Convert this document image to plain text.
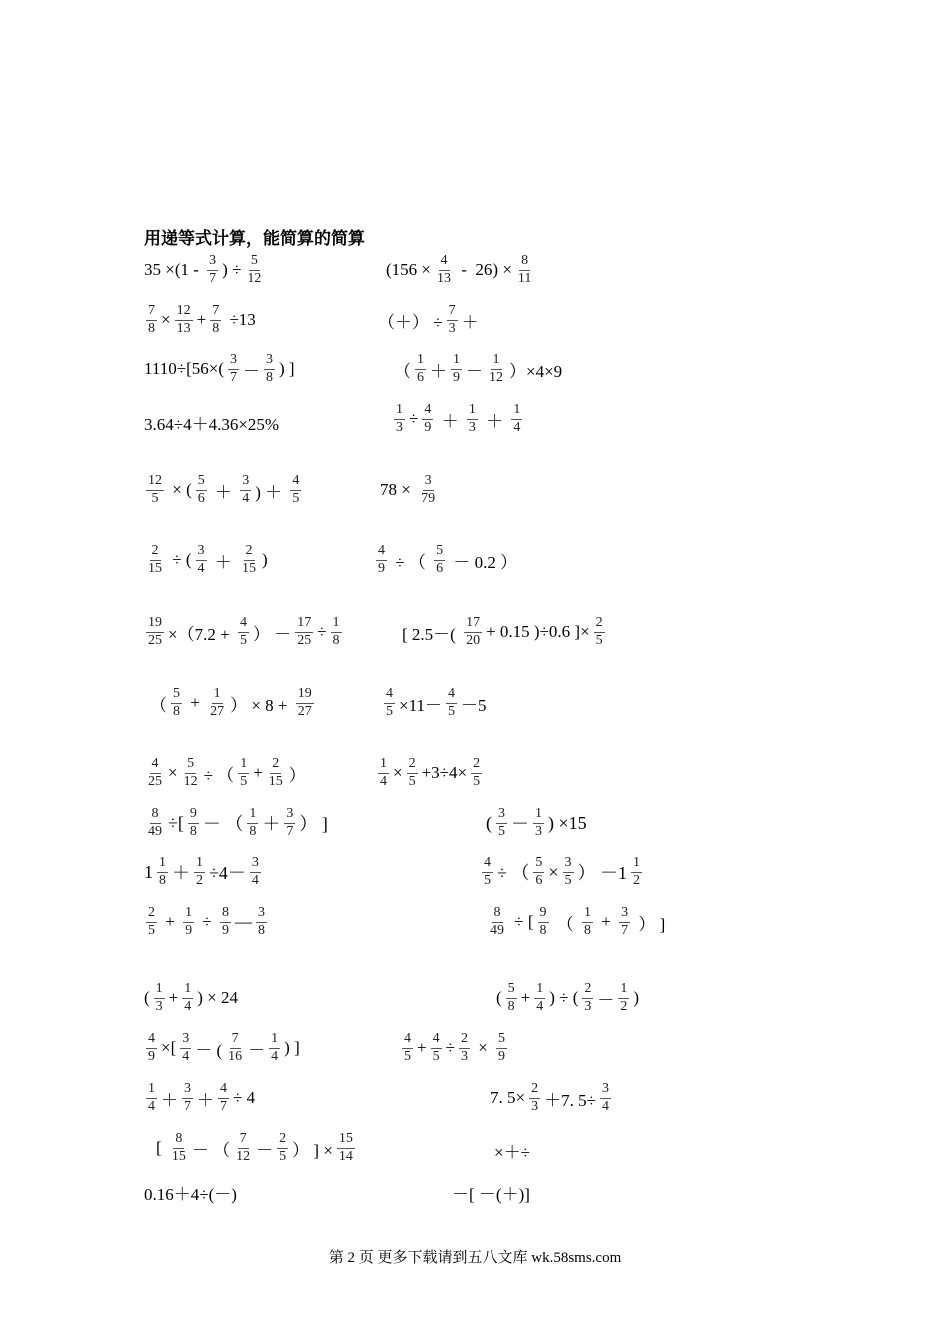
用递等式计算，能简算的简算
$35 \times(1 - \frac{3}{7}$ ) ÷ $\frac{5}{12}$	$(156 \times \frac{4}{13} - 26) \times \frac{8}{11}$
$\frac{7}{8} \times \frac{12}{13} + \frac{7}{8} \div 13$	（＋） ÷ $\frac{7}{3}$ ＋
$1110\div[56\times( \frac{3}{7} - \frac{3}{8}$ ) ]	（ $\frac{1}{6} + \frac{1}{9} - \frac{1}{12} )\times 4\times 9$
3.64÷4＋4.36×25%	$\frac{1}{3} \div \frac{4}{9} + \frac{1}{3} + \frac{1}{4}$
$\frac{12}{5}$ × ( $\frac{5}{6} + \frac{3}{4}$ ) ＋ $\frac{4}{5}$	$78 \times \frac{3}{79}$
$\frac{2}{15}$ ÷ ( $\frac{3}{4} + \frac{2}{15}$ )	$\frac{4}{9}$ ÷ （ $\frac{5}{6} - 0.2$ ）
$\frac{19}{25} \times(7.2 + \frac{4}{5}$ ） － $\frac{17}{25} \div \frac{1}{8}$	[ $2.5-( \frac{17}{20} + 0.15$ )÷0.6 ]× $\frac{2}{5}$
（ $\frac{5}{8} + \frac{1}{27}$ ） × $8 + \frac{19}{27}$	$\frac{4}{5} \times 11- \frac{4}{5} -5$
$\frac{4}{25} \times \frac{5}{12}$ ÷ （ $\frac{1}{5} + \frac{2}{15}$ ）	$\frac{1}{4} \times \frac{2}{5} +3\div 4\times \frac{2}{5}$
$\frac{8}{49}$ ÷[ $\frac{9}{8}$ － （ $\frac{1}{8} + \frac{3}{7}$ ） ]	( $\frac{3}{5} - \frac{1}{3}$ ) ×15
$1 \frac{1}{8} + \frac{1}{2} \div 4- \frac{3}{4}$	$\frac{4}{5}$ ÷ （ $\frac{5}{6} \times \frac{3}{5}$ ） $-1 \frac{1}{2}$
$\frac{2}{5} + \frac{1}{9} \div \frac{8}{9}$ — $\frac{3}{8}$	$\frac{8}{49}$ ÷ [ $\frac{9}{8}$ （ $\frac{1}{8} + \frac{3}{7}$ ） ]
( $\frac{1}{3} + \frac{1}{4}$ ) × 24	( $\frac{5}{8} + \frac{1}{4}$ ) ÷ ( $\frac{2}{3} - \frac{1}{2}$ )
$\frac{4}{9}$ ×[ $\frac{3}{4}$ － ( $\frac{7}{16} - \frac{1}{4}$ ) ]	$\frac{4}{5} + \frac{4}{5} \div \frac{2}{3} \times \frac{5}{9}$
$\frac{1}{4} + \frac{3}{7} + \frac{4}{7} \div 4$	7. $5\times \frac{2}{3} +7$. $5\div \frac{3}{4}$
[ $\frac{8}{15}$ － （ $\frac{7}{12} - \frac{2}{5}$ ） ] × $\frac{15}{14}$	×＋÷
0.16＋4÷(－)	－[ －(＋)]
第 2 页 更多下载请到五八文库 wk.58sms.com
